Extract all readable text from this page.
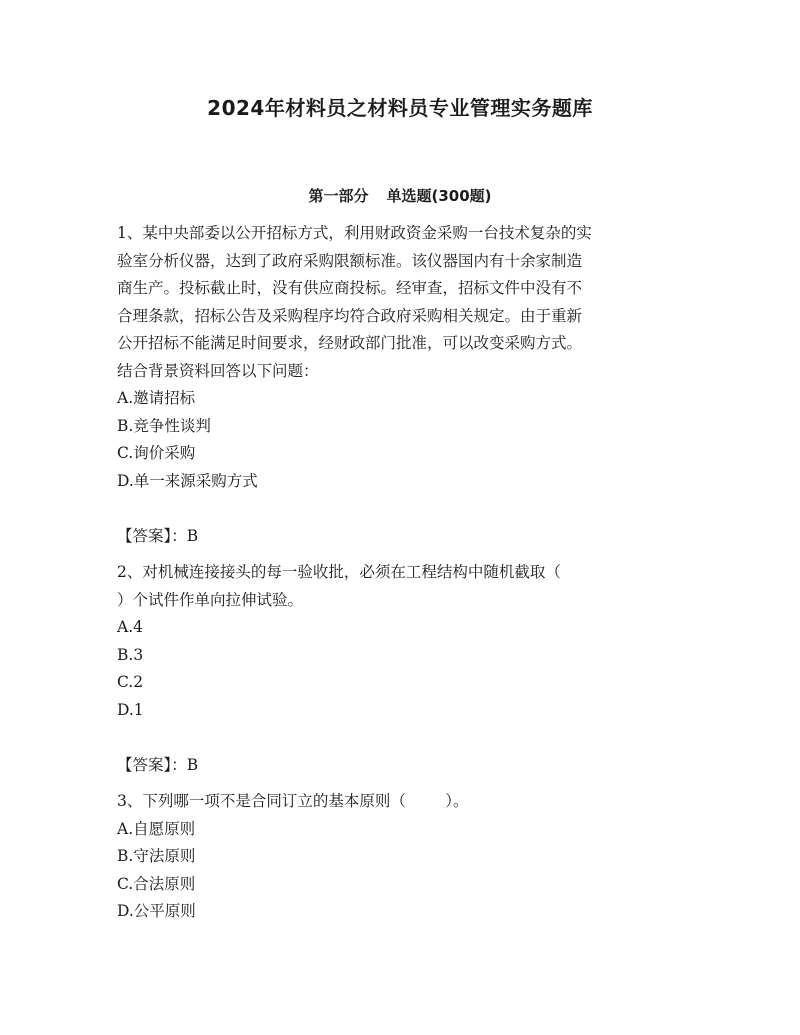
2024年材料员之材料员专业管理实务题库
第一部分 单选题(300题)
1、某中央部委以公开招标方式，利用财政资金采购一台技术复杂的实
验室分析仪器，达到了政府采购限额标准。该仪器国内有十余家制造
商生产。投标截止时，没有供应商投标。经审查，招标文件中没有不
合理条款，招标公告及采购程序均符合政府采购相关规定。由于重新
公开招标不能满足时间要求，经财政部门批准，可以改变采购方式。
结合背景资料回答以下问题：
A.邀请招标
B.竞争性谈判
C.询价采购
D.单一来源采购方式
【答案】：B
2、对机械连接接头的每一验收批，必须在工程结构中随机截取（
）个试件作单向拉伸试验。
A.4
B.3
C.2
D.1
【答案】：B
3、下列哪一项不是合同订立的基本原则（        ）。
A.自愿原则
B.守法原则
C.合法原则
D.公平原则
